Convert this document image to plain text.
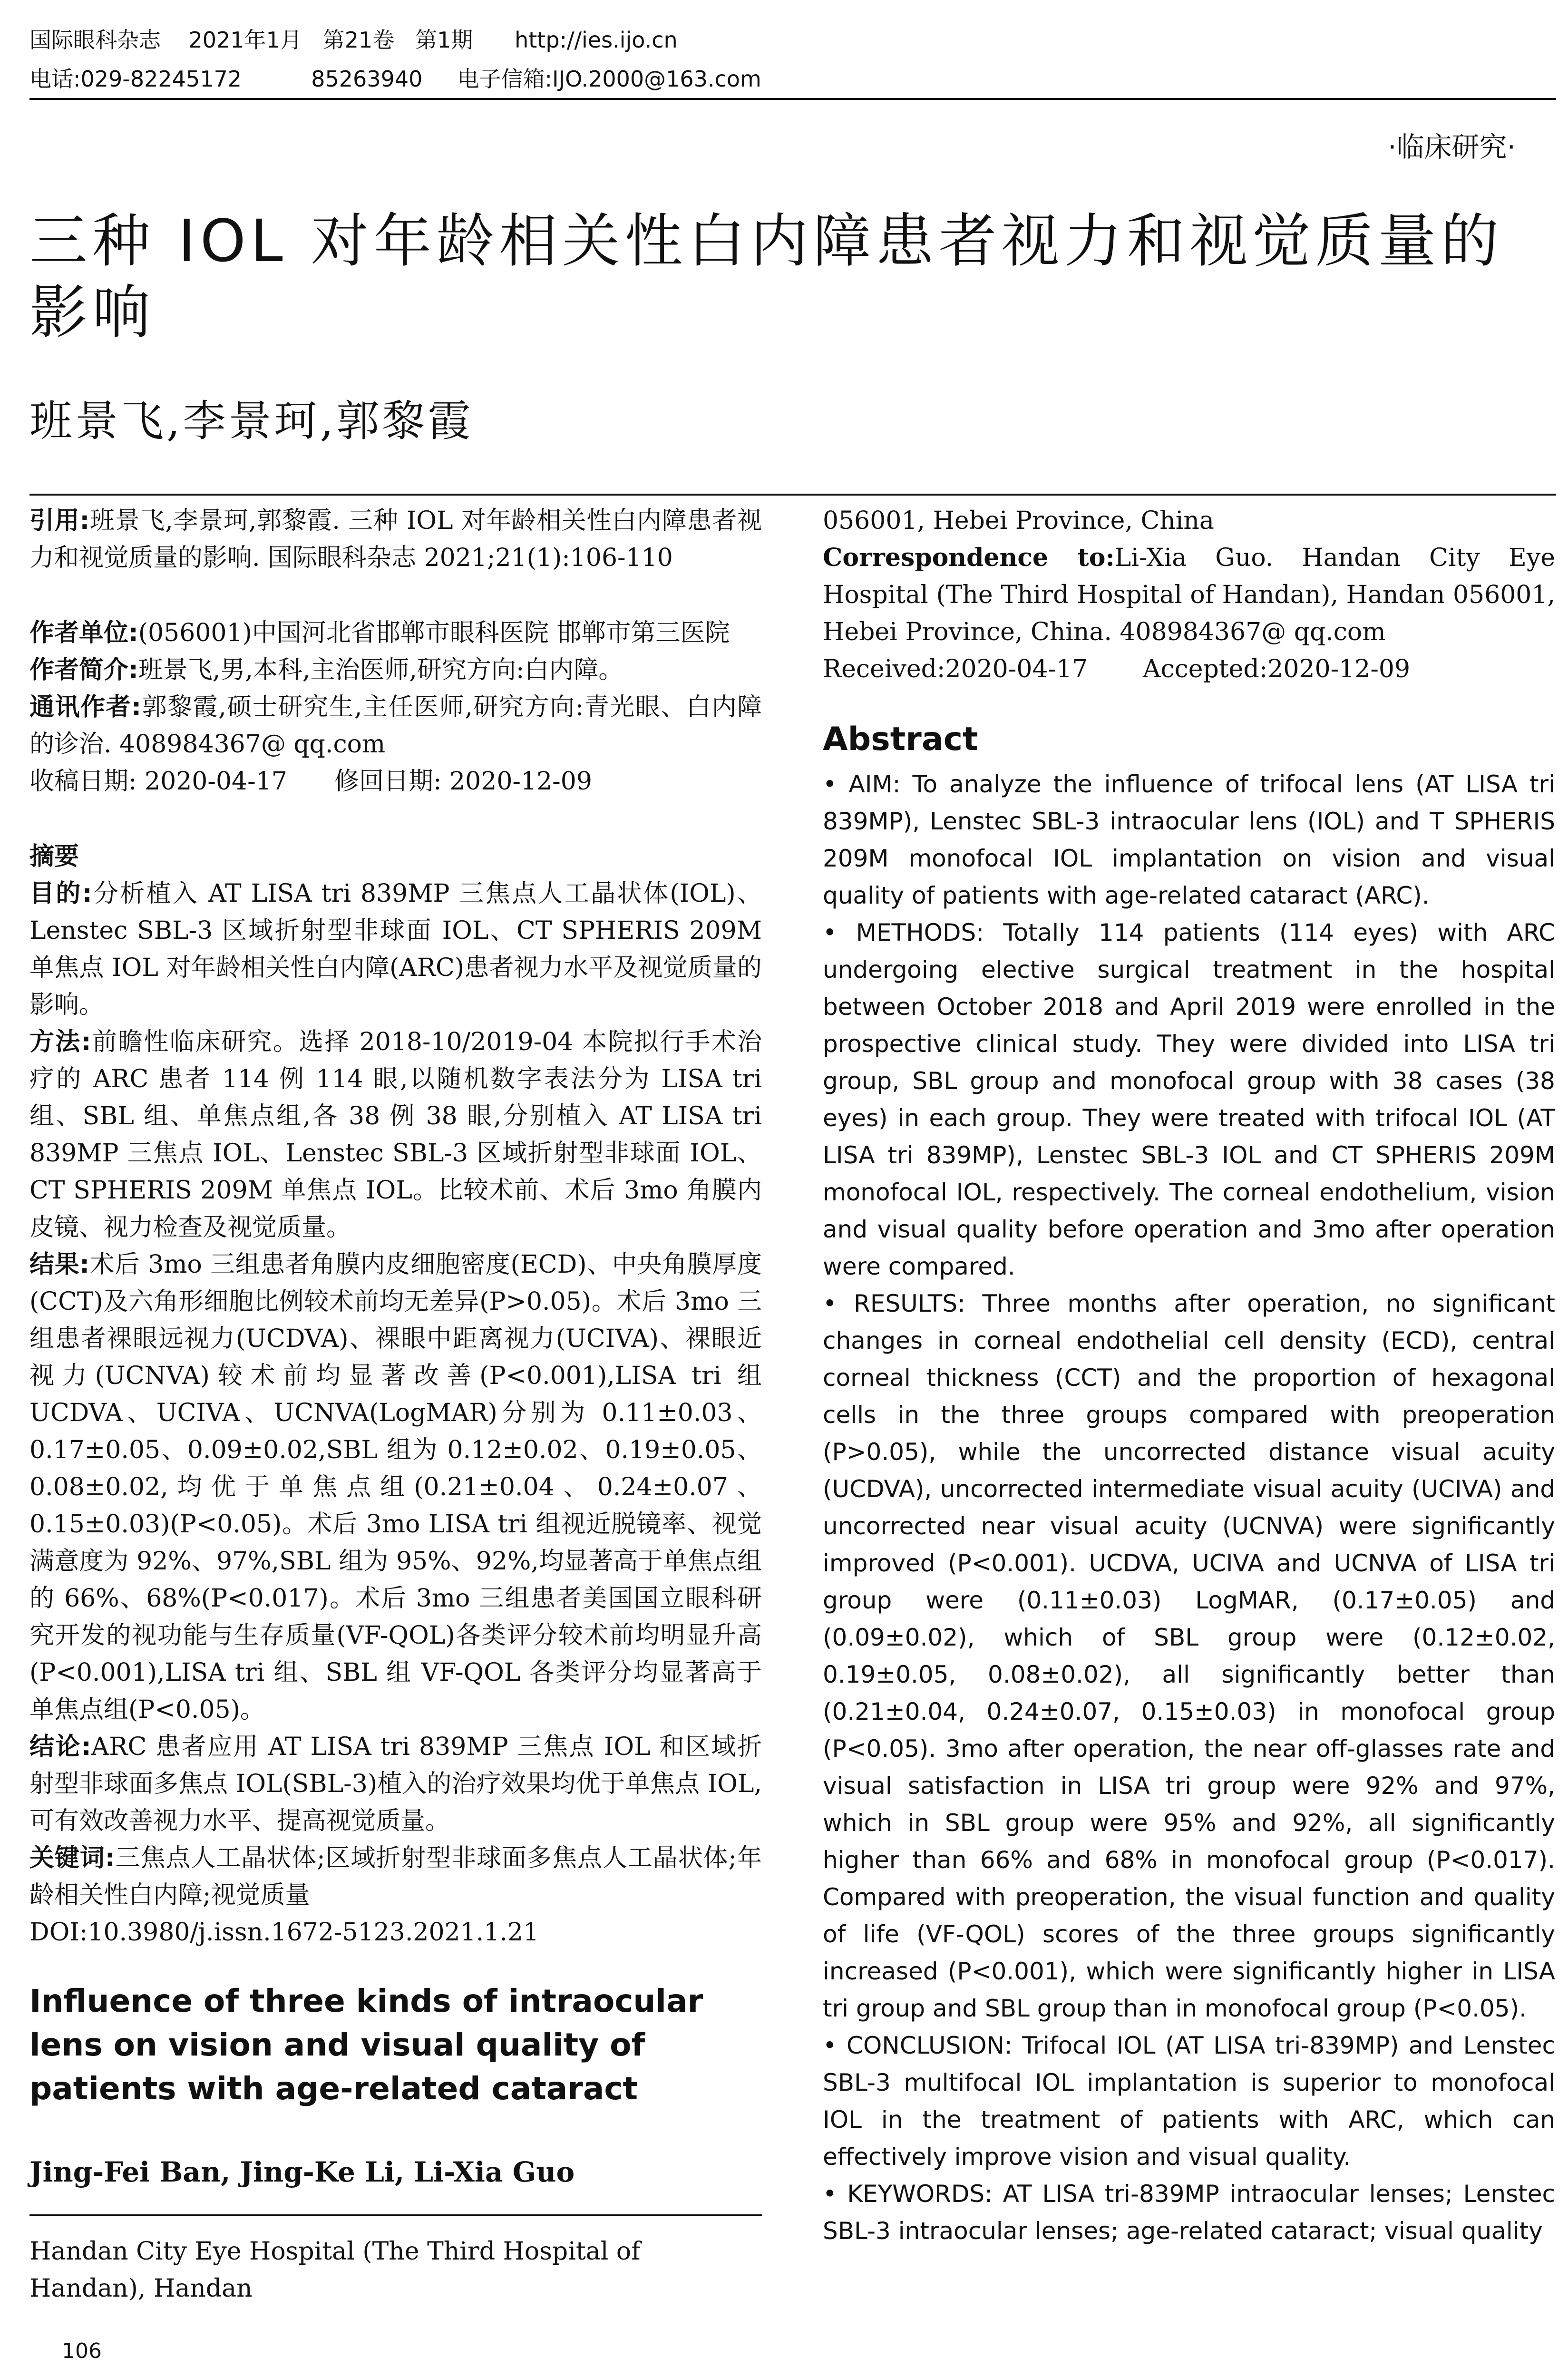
国际眼科杂志    2021年1月   第21卷   第1期      http://ies.ijo.cn
电话:029-82245172          85263940     电子信箱:IJO.2000@163.com
·临床研究·
三种 IOL 对年龄相关性白内障患者视力和视觉质量的影响
班景飞,李景珂,郭黎霞

引用:班景飞,李景珂,郭黎霞. 三种 IOL 对年龄相关性白内障患者视力和视觉质量的影响. 国际眼科杂志 2021;21(1):106-110

作者单位:(056001)中国河北省邯郸市眼科医院 邯郸市第三医院

作者简介:班景飞,男,本科,主治医师,研究方向:白内障。

通讯作者:郭黎霞,硕士研究生,主任医师,研究方向:青光眼、白内障的诊治. 408984367@ qq.com

收稿日期: 2020-04-17      修回日期: 2020-12-09

摘要

目的:分析植入 AT LISA tri 839MP 三焦点人工晶状体(IOL)、Lenstec SBL-3 区域折射型非球面 IOL、CT SPHERIS 209M 单焦点 IOL 对年龄相关性白内障(ARC)患者视力水平及视觉质量的影响。

方法:前瞻性临床研究。选择 2018-10/2019-04 本院拟行手术治疗的 ARC 患者 114 例 114 眼,以随机数字表法分为 LISA tri 组、SBL 组、单焦点组,各 38 例 38 眼,分别植入 AT LISA tri 839MP 三焦点 IOL、Lenstec SBL-3 区域折射型非球面 IOL、CT SPHERIS 209M 单焦点 IOL。比较术前、术后 3mo 角膜内皮镜、视力检查及视觉质量。

结果:术后 3mo 三组患者角膜内皮细胞密度(ECD)、中央角膜厚度(CCT)及六角形细胞比例较术前均无差异(P>0.05)。术后 3mo 三组患者裸眼远视力(UCDVA)、裸眼中距离视力(UCIVA)、裸眼近视力(UCNVA)较术前均显著改善(P<0.001),LISA tri 组 UCDVA、UCIVA、UCNVA(LogMAR)分别为 0.11±0.03、0.17±0.05、0.09±0.02,SBL 组为 0.12±0.02、0.19±0.05、0.08±0.02,均优于单焦点组(0.21±0.04、0.24±0.07、0.15±0.03)(P<0.05)。术后 3mo LISA tri 组视近脱镜率、视觉满意度为 92%、97%,SBL 组为 95%、92%,均显著高于单焦点组的 66%、68%(P<0.017)。术后 3mo 三组患者美国国立眼科研究开发的视功能与生存质量(VF-QOL)各类评分较术前均明显升高(P<0.001),LISA tri 组、SBL 组 VF-QOL 各类评分均显著高于单焦点组(P<0.05)。

结论:ARC 患者应用 AT LISA tri 839MP 三焦点 IOL 和区域折射型非球面多焦点 IOL(SBL-3)植入的治疗效果均优于单焦点 IOL,可有效改善视力水平、提高视觉质量。

关键词:三焦点人工晶状体;区域折射型非球面多焦点人工晶状体;年龄相关性白内障;视觉质量

DOI:10.3980/j.issn.1672-5123.2021.1.21

Influence of three kinds of intraocular lens on vision and visual quality of patients with age-related cataract

Jing-Fei Ban, Jing-Ke Li, Li-Xia Guo

Handan City Eye Hospital (The Third Hospital of Handan), Handan

056001, Hebei Province, China

Correspondence to:Li-Xia Guo. Handan City Eye Hospital (The Third Hospital of Handan), Handan 056001, Hebei Province, China. 408984367@ qq.com

Received:2020-04-17       Accepted:2020-12-09

Abstract

• AIM: To analyze the influence of trifocal lens (AT LISA tri 839MP), Lenstec SBL-3 intraocular lens (IOL) and T SPHERIS 209M monofocal IOL implantation on vision and visual quality of patients with age-related cataract (ARC).

• METHODS: Totally 114 patients (114 eyes) with ARC undergoing elective surgical treatment in the hospital between October 2018 and April 2019 were enrolled in the prospective clinical study. They were divided into LISA tri group, SBL group and monofocal group with 38 cases (38 eyes) in each group. They were treated with trifocal IOL (AT LISA tri 839MP), Lenstec SBL-3 IOL and CT SPHERIS 209M monofocal IOL, respectively. The corneal endothelium, vision and visual quality before operation and 3mo after operation were compared.

• RESULTS: Three months after operation, no significant changes in corneal endothelial cell density (ECD), central corneal thickness (CCT) and the proportion of hexagonal cells in the three groups compared with preoperation (P>0.05), while the uncorrected distance visual acuity (UCDVA), uncorrected intermediate visual acuity (UCIVA) and uncorrected near visual acuity (UCNVA) were significantly improved (P<0.001). UCDVA, UCIVA and UCNVA of LISA tri group were (0.11±0.03) LogMAR, (0.17±0.05) and (0.09±0.02), which of SBL group were (0.12±0.02, 0.19±0.05, 0.08±0.02), all significantly better than (0.21±0.04, 0.24±0.07, 0.15±0.03) in monofocal group (P<0.05). 3mo after operation, the near off-glasses rate and visual satisfaction in LISA tri group were 92% and 97%, which in SBL group were 95% and 92%, all significantly higher than 66% and 68% in monofocal group (P<0.017). Compared with preoperation, the visual function and quality of life (VF-QOL) scores of the three groups significantly increased (P<0.001), which were significantly higher in LISA tri group and SBL group than in monofocal group (P<0.05).

• CONCLUSION: Trifocal IOL (AT LISA tri-839MP) and Lenstec SBL-3 multifocal IOL implantation is superior to monofocal IOL in the treatment of patients with ARC, which can effectively improve vision and visual quality.

• KEYWORDS: AT LISA tri-839MP intraocular lenses; Lenstec SBL-3 intraocular lenses; age-related cataract; visual quality

106
